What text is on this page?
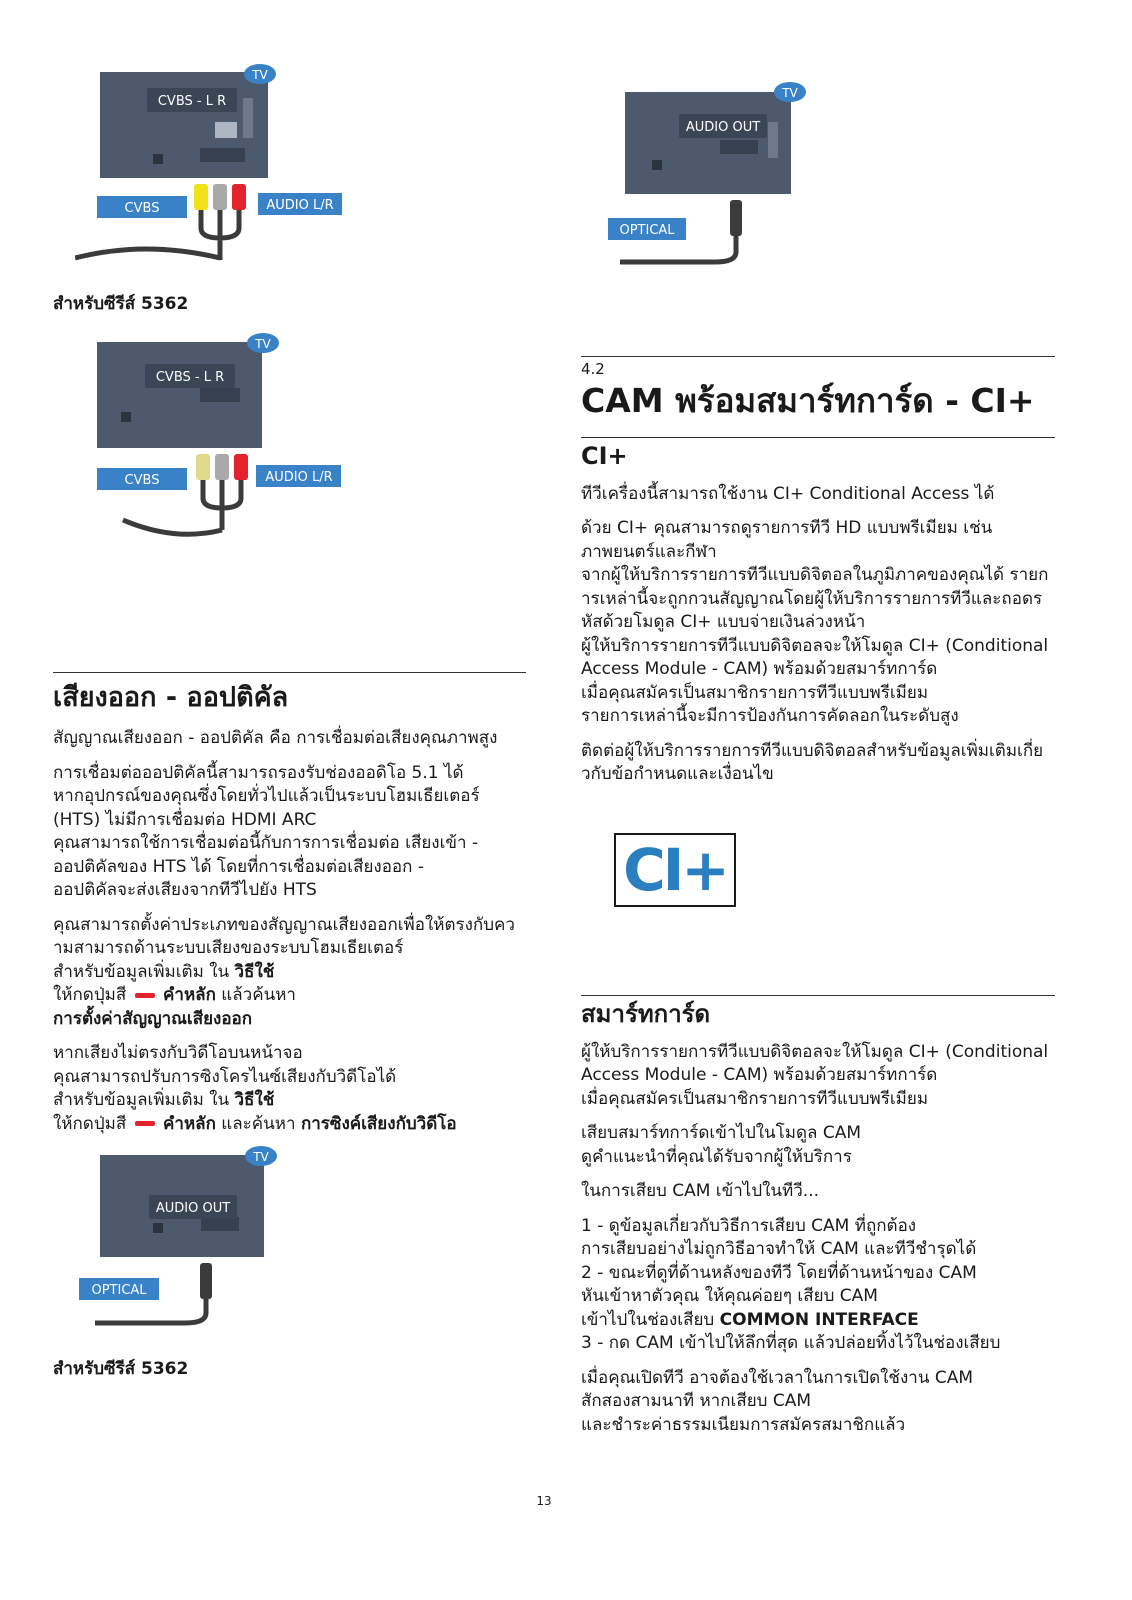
CVBS - L R
TV
CVBS	AUDIO L/R
สำหรับซีรีส์ 5362
CVBS - L R
TV
CVBS	AUDIO L/R
เสียงออก - ออปติคัล

สัญญาณเสียงออก - ออปติคัล คือ การเชื่อมต่อเสียงคุณภาพสูง

การเชื่อมต่อออปติคัลนี้สามารถรองรับช่องออดิโอ 5.1 ได้
หากอุปกรณ์ของคุณซึ่งโดยทั่วไปแล้วเป็นระบบโฮมเธียเตอร์
(HTS) ไม่มีการเชื่อมต่อ HDMI ARC
คุณสามารถใช้การเชื่อมต่อนี้กับการการเชื่อมต่อ เสียงเข้า -
ออปติคัลของ HTS ได้ โดยที่การเชื่อมต่อเสียงออก -
ออปติคัลจะส่งเสียงจากทีวีไปยัง HTS

คุณสามารถตั้งค่าประเภทของสัญญาณเสียงออกเพื่อให้ตรงกับคว
ามสามารถด้านระบบเสียงของระบบโฮมเธียเตอร์
สำหรับข้อมูลเพิ่มเติม ใน วิธีใช้
ให้กดปุ่มสี  คำหลัก แล้วค้นหา
การตั้งค่าสัญญาณเสียงออก

หากเสียงไม่ตรงกับวิดีโอบนหน้าจอ
คุณสามารถปรับการซิงโครไนซ์เสียงกับวิดีโอได้
สำหรับข้อมูลเพิ่มเติม ใน วิธีใช้
ให้กดปุ่มสี  คำหลัก และค้นหา การซิงค์เสียงกับวิดีโอ

AUDIO OUT
TV
OPTICAL
สำหรับซีรีส์ 5362
AUDIO OUT
TV
OPTICAL
4.2
CAM พร้อมสมาร์ทการ์ด - CI+
CI+

ทีวีเครื่องนี้สามารถใช้งาน CI+ Conditional Access ได้

ด้วย CI+ คุณสามารถดูรายการทีวี HD แบบพรีเมียม เช่น
ภาพยนตร์และกีฬา
จากผู้ให้บริการรายการทีวีแบบดิจิตอลในภูมิภาคของคุณได้ รายก
ารเหล่านี้จะถูกกวนสัญญาณโดยผู้ให้บริการรายการทีวีและถอดร
หัสด้วยโมดูล CI+ แบบจ่ายเงินล่วงหน้า
ผู้ให้บริการรายการทีวีแบบดิจิตอลจะให้โมดูล CI+ (Conditional
Access Module - CAM) พร้อมด้วยสมาร์ทการ์ด
เมื่อคุณสมัครเป็นสมาชิกรายการทีวีแบบพรีเมียม
รายการเหล่านี้จะมีการป้องกันการคัดลอกในระดับสูง

ติดต่อผู้ให้บริการรายการทีวีแบบดิจิตอลสำหรับข้อมูลเพิ่มเติมเกี่ย
วกับข้อกำหนดและเงื่อนไข

CI+
สมาร์ทการ์ด

ผู้ให้บริการรายการทีวีแบบดิจิตอลจะให้โมดูล CI+ (Conditional
Access Module - CAM) พร้อมด้วยสมาร์ทการ์ด
เมื่อคุณสมัครเป็นสมาชิกรายการทีวีแบบพรีเมียม

เสียบสมาร์ทการ์ดเข้าไปในโมดูล CAM
ดูคำแนะนำที่คุณได้รับจากผู้ให้บริการ

ในการเสียบ CAM เข้าไปในทีวี...

1 - ดูข้อมูลเกี่ยวกับวิธีการเสียบ CAM ที่ถูกต้อง
การเสียบอย่างไม่ถูกวิธีอาจทำให้ CAM และทีวีชำรุดได้
2 - ขณะที่ดูที่ด้านหลังของทีวี โดยที่ด้านหน้าของ CAM
หันเข้าหาตัวคุณ ให้คุณค่อยๆ เสียบ CAM
เข้าไปในช่องเสียบ COMMON INTERFACE
3 - กด CAM เข้าไปให้ลึกที่สุด แล้วปล่อยทิ้งไว้ในช่องเสียบ

เมื่อคุณเปิดทีวี อาจต้องใช้เวลาในการเปิดใช้งาน CAM
สักสองสามนาที หากเสียบ CAM
และชำระค่าธรรมเนียมการสมัครสมาชิกแล้ว

13
